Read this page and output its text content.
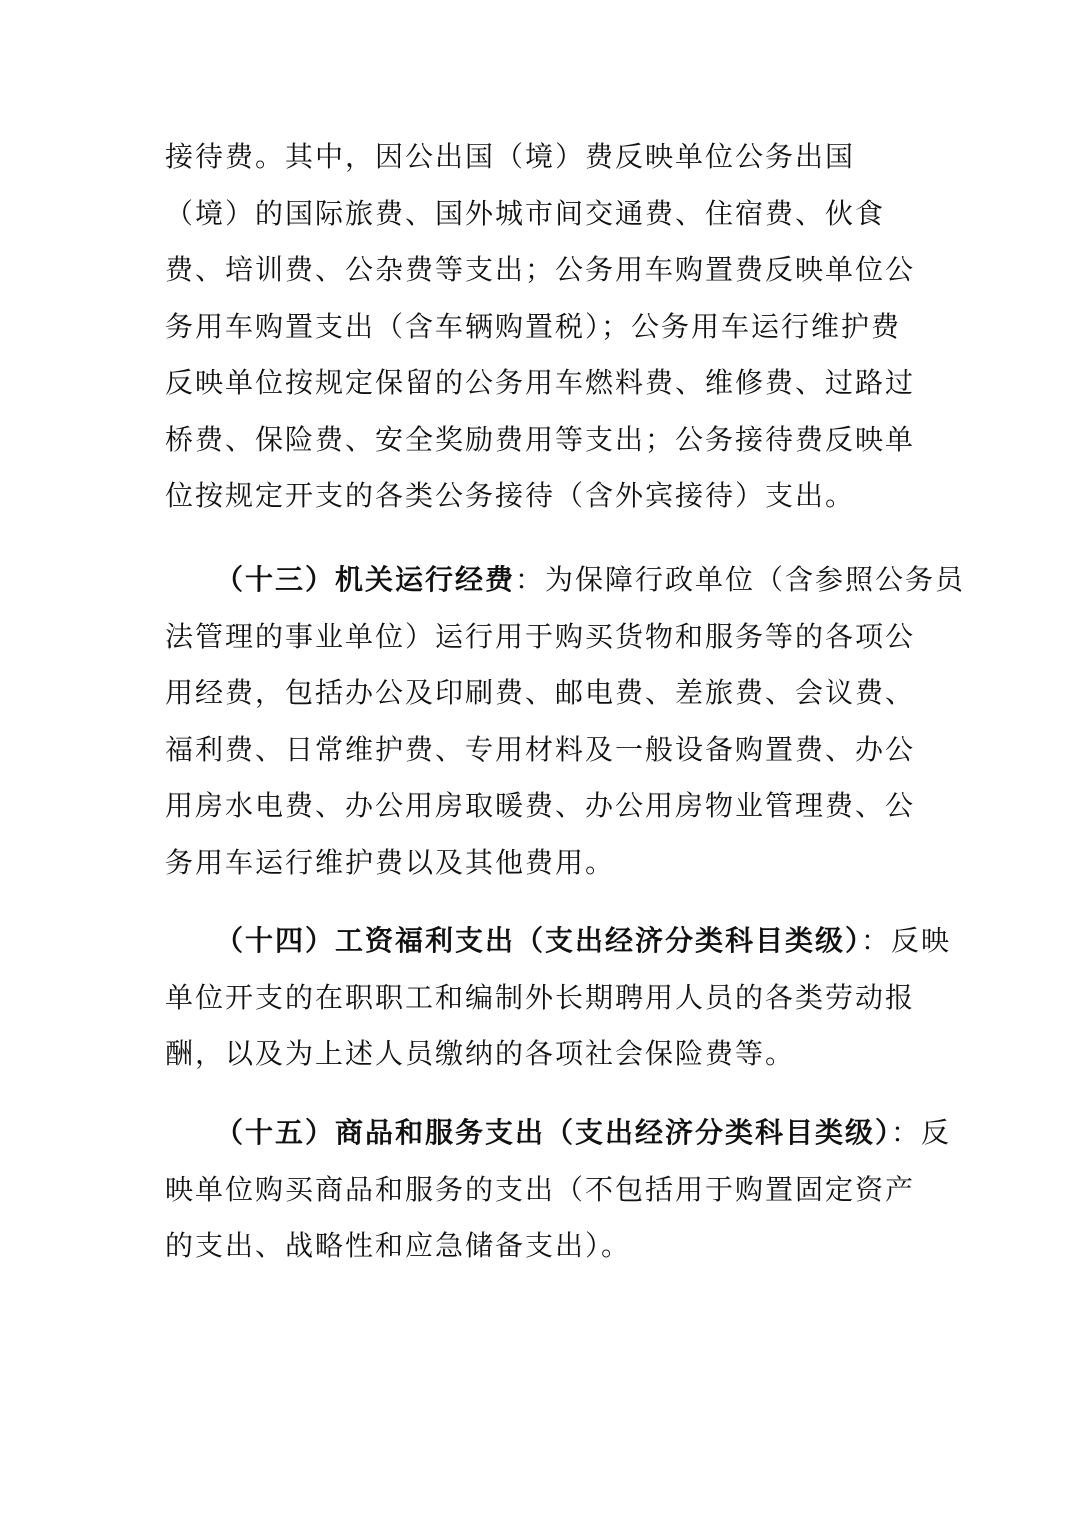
接待费。其中，因公出国（境）费反映单位公务出国
（境）的国际旅费、国外城市间交通费、住宿费、伙食
费、培训费、公杂费等支出；公务用车购置费反映单位公
务用车购置支出（含车辆购置税）；公务用车运行维护费
反映单位按规定保留的公务用车燃料费、维修费、过路过
桥费、保险费、安全奖励费用等支出；公务接待费反映单
位按规定开支的各类公务接待（含外宾接待）支出。
（十三）机关运行经费：为保障行政单位（含参照公务员
法管理的事业单位）运行用于购买货物和服务等的各项公
用经费，包括办公及印刷费、邮电费、差旅费、会议费、
福利费、日常维护费、专用材料及一般设备购置费、办公
用房水电费、办公用房取暖费、办公用房物业管理费、公
务用车运行维护费以及其他费用。
（十四）工资福利支出（支出经济分类科目类级）：反映
单位开支的在职职工和编制外长期聘用人员的各类劳动报
酬，以及为上述人员缴纳的各项社会保险费等。
（十五）商品和服务支出（支出经济分类科目类级）：反
映单位购买商品和服务的支出（不包括用于购置固定资产
的支出、战略性和应急储备支出）。
